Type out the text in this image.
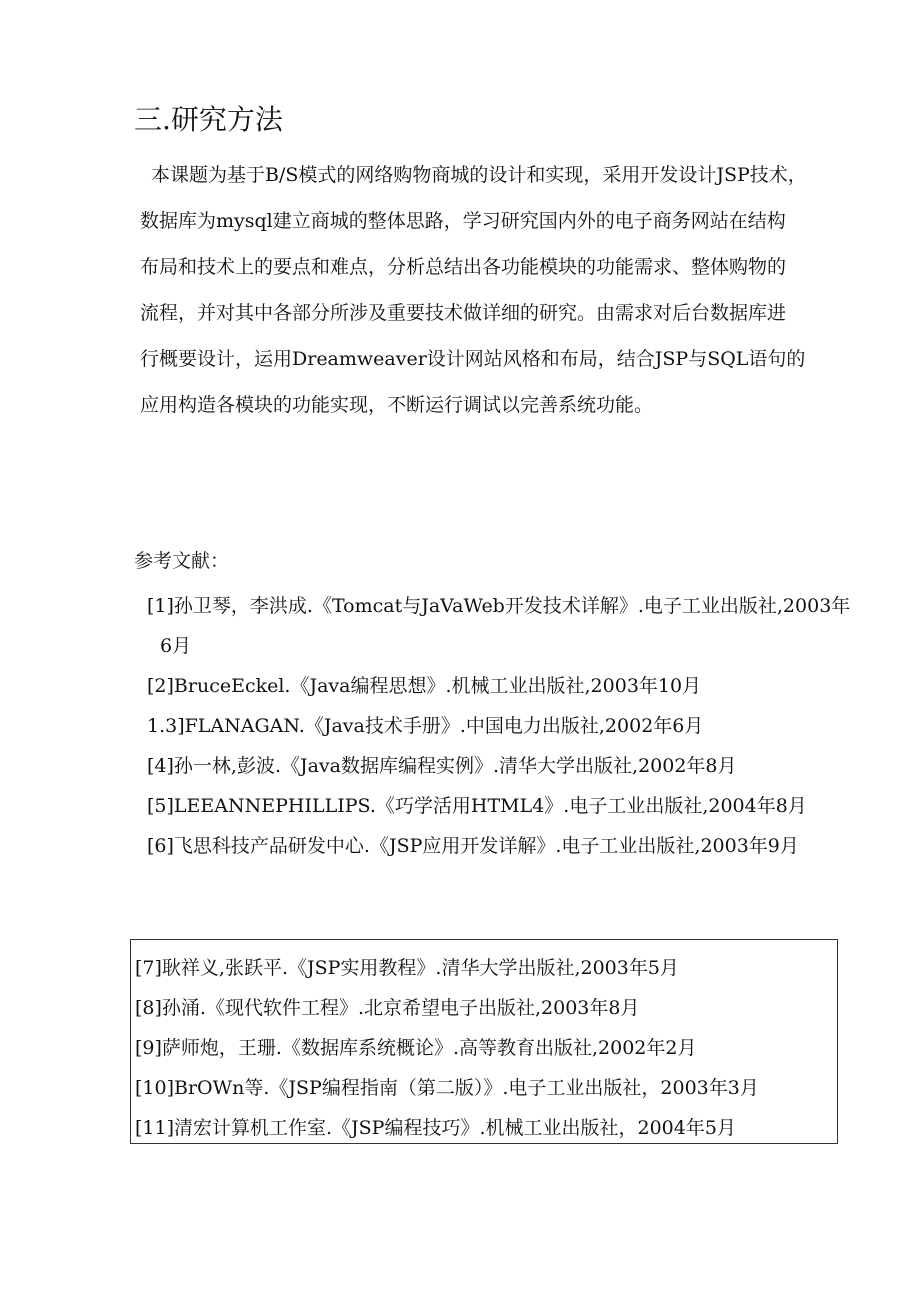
三.研究方法
本课题为基于B/S模式的网络购物商城的设计和实现，采用开发设计JSP技术，
数据库为mysql建立商城的整体思路，学习研究国内外的电子商务网站在结构
布局和技术上的要点和难点，分析总结出各功能模块的功能需求、整体购物的
流程，并对其中各部分所涉及重要技术做详细的研究。由需求对后台数据库进
行概要设计，运用Dreamweaver设计网站风格和布局，结合JSP与SQL语句的
应用构造各模块的功能实现，不断运行调试以完善系统功能。
参考文献：
[1]孙卫琴，李洪成.《Tomcat与JaVaWeb开发技术详解》.电子工业出版社,2003年6月
[2]BruceEckel.《Java编程思想》.机械工业出版社,2003年10月
1.3]FLANAGAN.《Java技术手册》.中国电力出版社,2002年6月
[4]孙一林,彭波.《Java数据库编程实例》.清华大学出版社,2002年8月
[5]LEEANNEPHILLIPS.《巧学活用HTML4》.电子工业出版社,2004年8月
[6]飞思科技产品研发中心.《JSP应用开发详解》.电子工业出版社,2003年9月
[7]耿祥义,张跃平.《JSP实用教程》.清华大学出版社,2003年5月
[8]孙涌.《现代软件工程》.北京希望电子出版社,2003年8月
[9]萨师炮，王珊.《数据库系统概论》.高等教育出版社,2002年2月
[10]BrOWn等.《JSP编程指南（第二版）》.电子工业出版社，2003年3月
[11]清宏计算机工作室.《JSP编程技巧》.机械工业出版社，2004年5月
